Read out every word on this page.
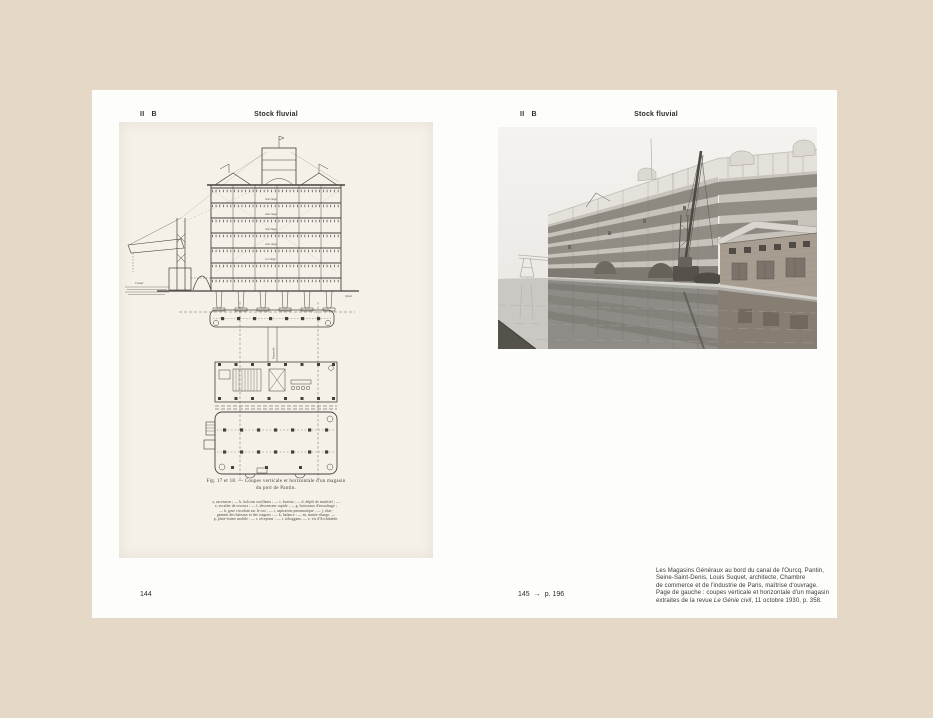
II B	Stock fluvial
Canal
Quai
Passerelle
5me étage
4me étage
3me étage
2me étage
1er étage
Fig. 17 et 18. — Coupes verticale et horizontale d'un magasin
du port de Pantin.
a, ascenseur ; — b, balcons oscillants ; — c, bureau ; — d, dépôt de matériel ; —
e, escalier de secours ; — f, descenseur rapide ; — g, boisseaux d'ensachage ;
— h, grue circulant sur le toit ; — i, aspiration pneumatique ; — j, char-
gement des bateaux et des wagons ; — k, balance ; — m, monte-charge, —
p, plate-forme mobile ; — r, récepteur ; — t, toboggans, — v, vis d'Archimède.
144
II B	Stock fluvial
145 → p. 196
Les Magasins Généraux au bord du canal de l'Ourcq, Pantin,
Seine-Saint-Denis, Louis Suquet, architecte, Chambre
de commerce et de l'industrie de Paris, maîtrise d'ouvrage.
Page de gauche : coupes verticale et horizontale d'un magasin
extraites de la revue Le Génie civil, 11 octobre 1930, p. 358.
